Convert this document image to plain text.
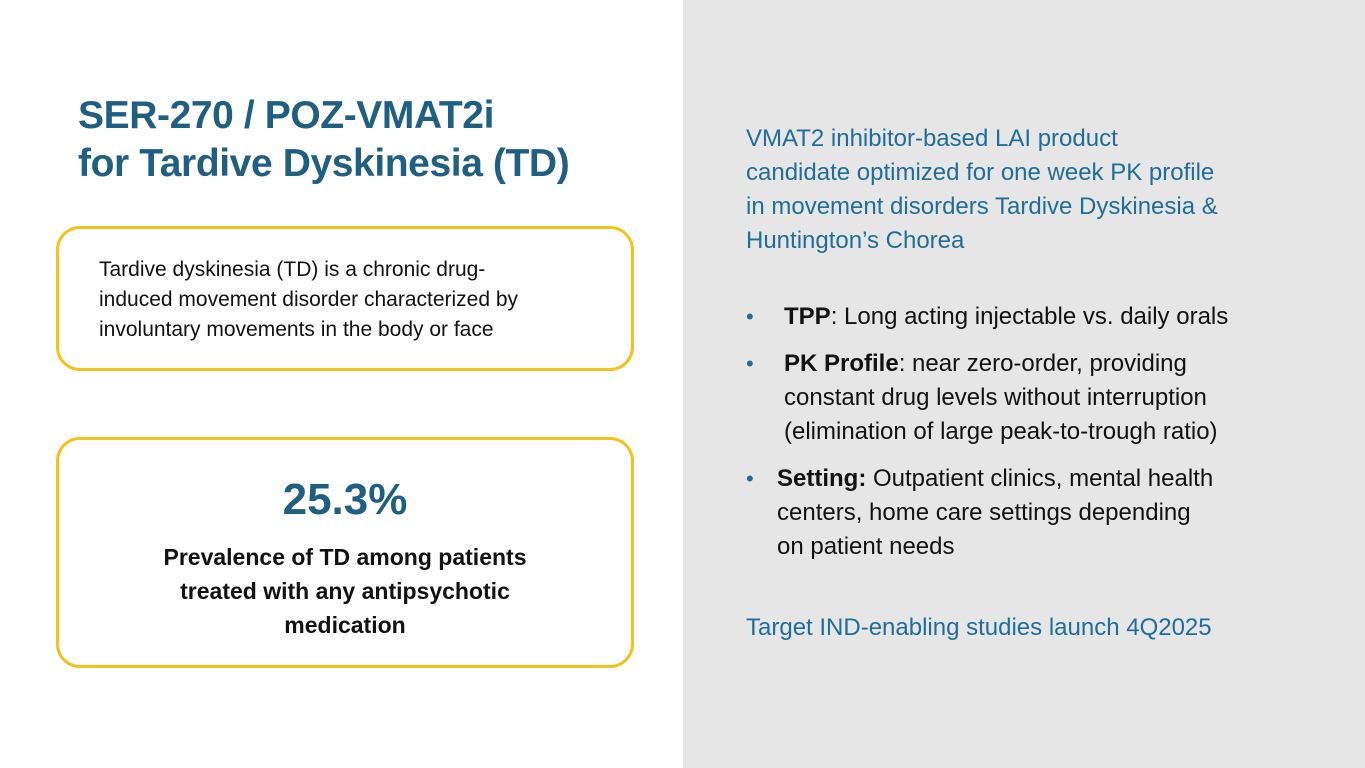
SER-270 / POZ-VMAT2i
for Tardive Dyskinesia (TD)

Tardive dyskinesia (TD) is a chronic drug-
induced movement disorder characterized by
involuntary movements in the body or face

25.3%
Prevalence of TD among patients
treated with any antipsychotic
medication

VMAT2 inhibitor-based LAI product
candidate optimized for one week PK profile
in movement disorders Tardive Dyskinesia &
Huntington’s Chorea

• TPP: Long acting injectable vs. daily orals
• PK Profile: near zero-order, providing
constant drug levels without interruption
(elimination of large peak-to-trough ratio)
• Setting: Outpatient clinics, mental health
centers, home care settings depending
on patient needs

Target IND-enabling studies launch 4Q2025
